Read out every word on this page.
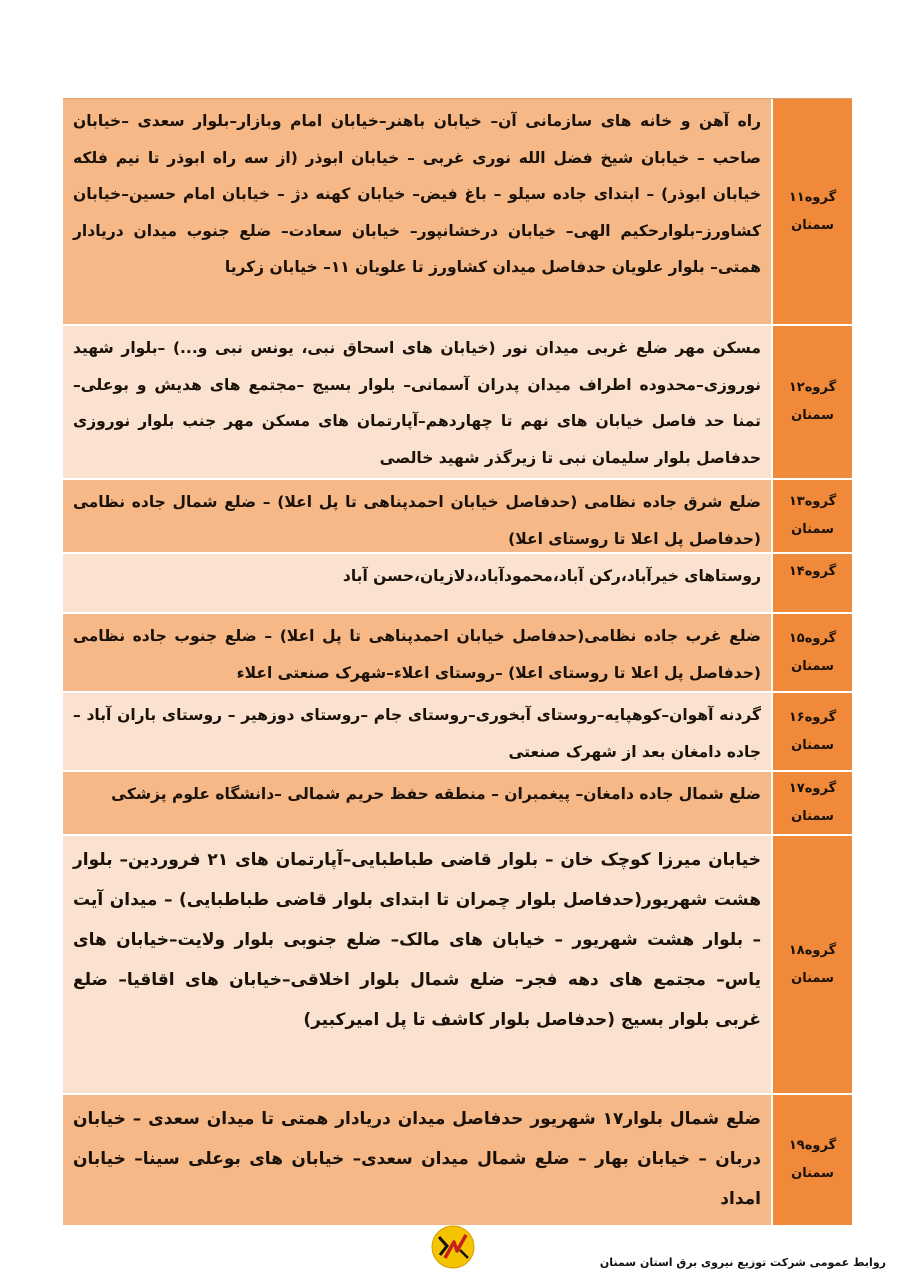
گروه۱۱
سمنان
راه آهن و خانه های سازمانی آن– خیابان باهنر–خیابان امام وبازار–بلوار سعدی –خیابان صاحب – خیابان شیخ فضل الله نوری غربی – خیابان ابوذر (از سه راه ابوذر تا نیم فلکه خیابان ابوذر) – ابتدای جاده سیلو – باغ فیض– خیابان کهنه دژ – خیابان امام حسین–خیابان کشاورز–بلوارحکیم الهی– خیابان درخشانپور– خیابان سعادت– ضلع جنوب میدان دریادار همتی– بلوار علویان حدفاصل میدان کشاورز تا علویان ۱۱– خیابان زکریا
گروه۱۲
سمنان
مسکن مهر ضلع غربی میدان نور (خیابان های اسحاق نبی، یونس نبی و...) –بلوار شهید نوروزی–محدوده اطراف میدان پدران آسمانی– بلوار بسیج –مجتمع های هدیش و بوعلی–تمنا حد فاصل خیابان های نهم تا چهاردهم–آپارتمان های مسکن مهر جنب بلوار نوروزی حدفاصل بلوار سلیمان نبی تا زیرگذر شهید خالصی
گروه۱۳
سمنان
ضلع شرق جاده نظامی (حدفاصل خیابان احمدپناهی تا پل اعلا) – ضلع شمال جاده نظامی (حدفاصل پل اعلا تا روستای اعلا)
گروه۱۴
روستاهای خیرآباد،رکن آباد،محمودآباد،دلازیان،حسن آباد
گروه۱۵
سمنان
ضلع غرب جاده نظامی(حدفاصل خیابان احمدپناهی تا پل اعلا) – ضلع جنوب جاده نظامی (حدفاصل پل اعلا تا روستای اعلا) –روستای اعلاء–شهرک صنعتی اعلاء
گروه۱۶
سمنان
گردنه آهوان–کوهپایه–روستای آبخوری–روستای جام –روستای دوزهیر – روستای باران آباد – جاده دامغان بعد از شهرک صنعتی
گروه۱۷
سمنان
ضلع شمال جاده دامغان– پیغمبران – منطقه حفظ حریم شمالی –دانشگاه علوم پزشکی
گروه۱۸
سمنان
خیابان میرزا کوچک خان – بلوار قاضی طباطبایی–آپارتمان های ۲۱ فروردین– بلوار هشت شهریور(حدفاصل بلوار چمران تا ابتدای بلوار قاضی طباطبایی) – میدان آیت – بلوار هشت شهریور – خیابان های مالک– ضلع جنوبی بلوار ولایت–خیابان های یاس– مجتمع های دهه فجر– ضلع شمال بلوار اخلاقی–خیابان های اقاقیا– ضلع غربی بلوار بسیج (حدفاصل بلوار کاشف تا پل امیرکبیر)
گروه۱۹
سمنان
ضلع شمال بلوار۱۷ شهریور حدفاصل میدان دریادار همتی تا میدان سعدی – خیابان دربان – خیابان بهار – ضلع شمال میدان سعدی– خیابان های بوعلی سینا– خیابان امداد
روابط عمومی شرکت توزیع نیروی برق استان سمنان
